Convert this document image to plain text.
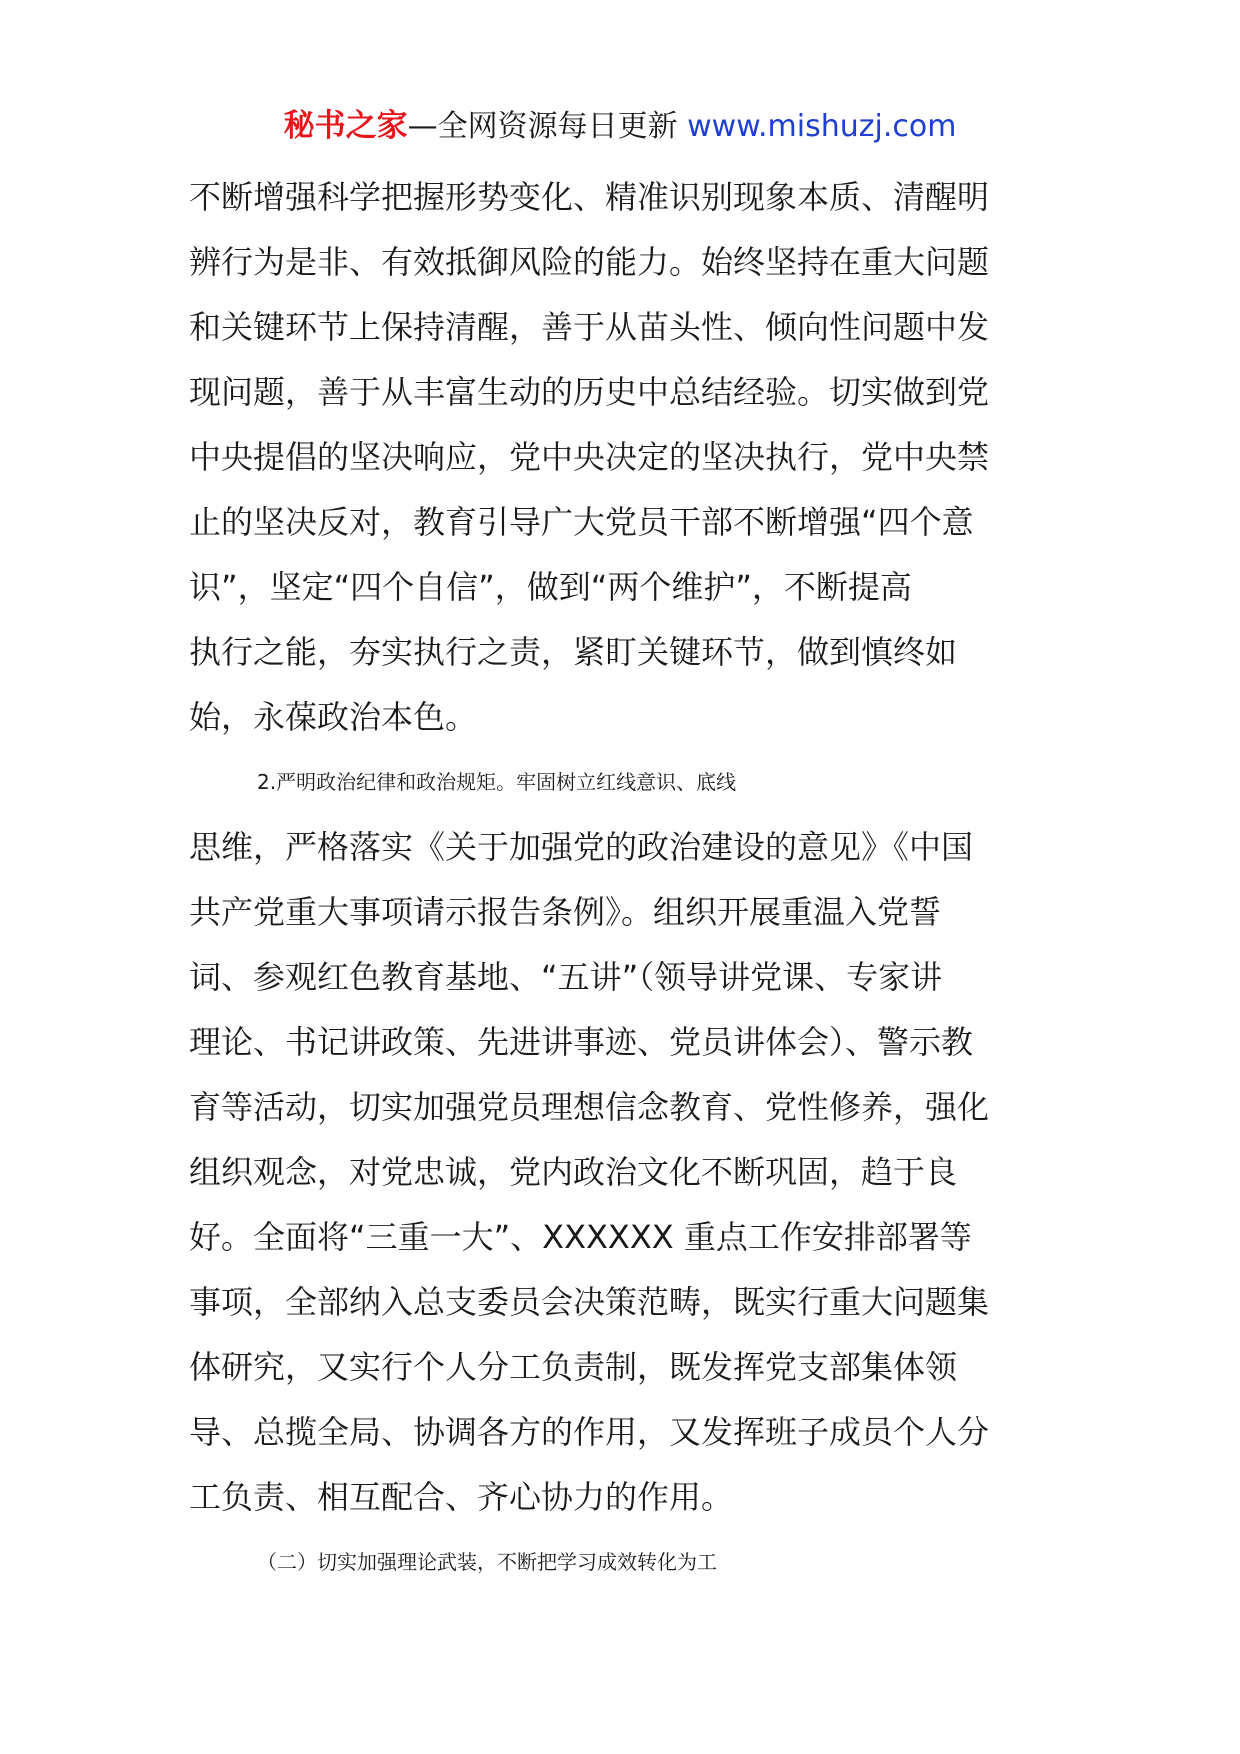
秘书之家—全网资源每日更新 www.mishuzj.com
不断增强科学把握形势变化、精准识别现象本质、清醒明
辨行为是非、有效抵御风险的能力。始终坚持在重大问题
和关键环节上保持清醒，善于从苗头性、倾向性问题中发
现问题，善于从丰富生动的历史中总结经验。切实做到党
中央提倡的坚决响应，党中央决定的坚决执行，党中央禁
止的坚决反对，教育引导广大党员干部不断增强“四个意
识”，坚定“四个自信”，做到“两个维护”，不断提高
执行之能，夯实执行之责，紧盯关键环节，做到慎终如
始，永葆政治本色。
2.严明政治纪律和政治规矩。牢固树立红线意识、底线
思维，严格落实《关于加强党的政治建设的意见》《中国
共产党重大事项请示报告条例》。组织开展重温入党誓
词、参观红色教育基地、“五讲”（领导讲党课、专家讲
理论、书记讲政策、先进讲事迹、党员讲体会）、警示教
育等活动，切实加强党员理想信念教育、党性修养，强化
组织观念，对党忠诚，党内政治文化不断巩固，趋于良
好。全面将“三重一大”、XXXXXX 重点工作安排部署等
事项，全部纳入总支委员会决策范畴，既实行重大问题集
体研究，又实行个人分工负责制，既发挥党支部集体领
导、总揽全局、协调各方的作用，又发挥班子成员个人分
工负责、相互配合、齐心协力的作用。
（二）切实加强理论武装，不断把学习成效转化为工
